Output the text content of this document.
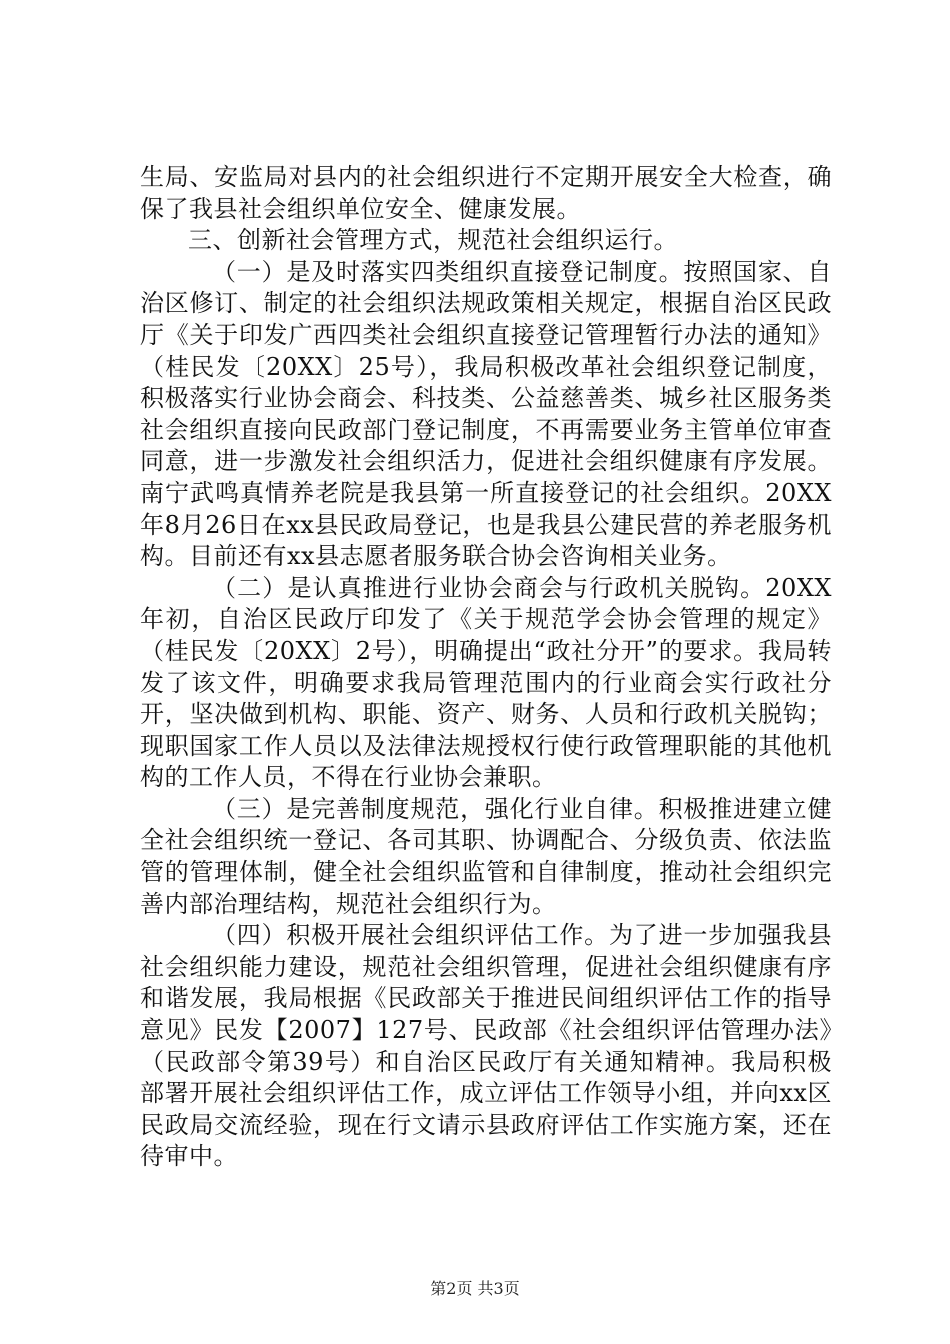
生局、安监局对县内的社会组织进行不定期开展安全大检查，确保了我县社会组织单位安全、健康发展。

三、创新社会管理方式，规范社会组织运行。

（一）是及时落实四类组织直接登记制度。按照国家、自治区修订、制定的社会组织法规政策相关规定，根据自治区民政厅《关于印发广西四类社会组织直接登记管理暂行办法的通知》（桂民发〔20XX〕25号），我局积极改革社会组织登记制度，积极落实行业协会商会、科技类、公益慈善类、城乡社区服务类社会组织直接向民政部门登记制度，不再需要业务主管单位审查同意，进一步激发社会组织活力，促进社会组织健康有序发展。南宁武鸣真情养老院是我县第一所直接登记的社会组织。20XX年8月26日在xx县民政局登记，也是我县公建民营的养老服务机构。目前还有xx县志愿者服务联合协会咨询相关业务。

（二）是认真推进行业协会商会与行政机关脱钩。20XX年初，自治区民政厅印发了《关于规范学会协会管理的规定》（桂民发〔20XX〕2号），明确提出“政社分开”的要求。我局转发了该文件，明确要求我局管理范围内的行业商会实行政社分开，坚决做到机构、职能、资产、财务、人员和行政机关脱钩；现职国家工作人员以及法律法规授权行使行政管理职能的其他机构的工作人员，不得在行业协会兼职。

（三）是完善制度规范，强化行业自律。积极推进建立健全社会组织统一登记、各司其职、协调配合、分级负责、依法监管的管理体制，健全社会组织监管和自律制度，推动社会组织完善内部治理结构，规范社会组织行为。

（四）积极开展社会组织评估工作。为了进一步加强我县社会组织能力建设，规范社会组织管理，促进社会组织健康有序和谐发展，我局根据《民政部关于推进民间组织评估工作的指导意见》民发【2007】127号、民政部《社会组织评估管理办法》（民政部令第39号）和自治区民政厅有关通知精神。我局积极部署开展社会组织评估工作，成立评估工作领导小组，并向xx区民政局交流经验，现在行文请示县政府评估工作实施方案，还在待审中。

第2页 共3页
